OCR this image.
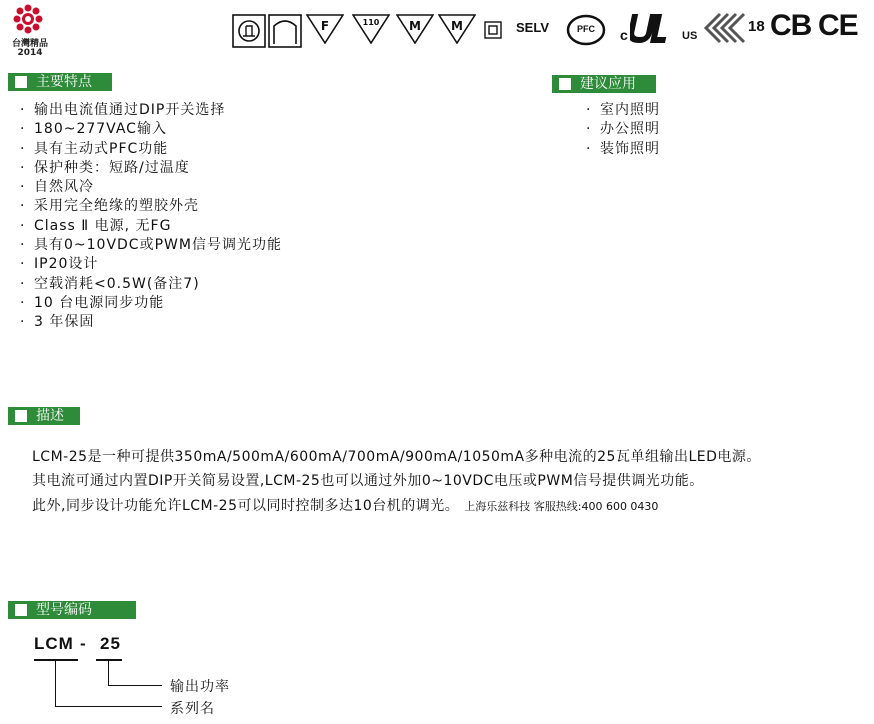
台灣精品
2014
F	110	M	M	SELV	PFC	c	US
18 CB CE
主要特点
· 输出电流值通过DIP开关选择
· 180~277VAC输入
· 具有主动式PFC功能
· 保护种类：短路/过温度
· 自然风冷
· 采用完全绝缘的塑胶外壳
· Class Ⅱ 电源, 无FG
· 具有0~10VDC或PWM信号调光功能
· IP20设计
· 空载消耗<0.5W(备注7)
· 10 台电源同步功能
· 3 年保固
建议应用
· 室内照明
· 办公照明
· 装饰照明
描述
LCM-25是一种可提供350mA/500mA/600mA/700mA/900mA/1050mA多种电流的25瓦单组输出LED电源。
其电流可通过内置DIP开关简易设置,LCM-25也可以通过外加0~10VDC电压或PWM信号提供调光功能。
此外,同步设计功能允许LCM-25可以同时控制多达10台机的调光。 上海乐兹科技 客服热线:400 600 0430
型号编码
LCM - 25
输出功率
系列名
